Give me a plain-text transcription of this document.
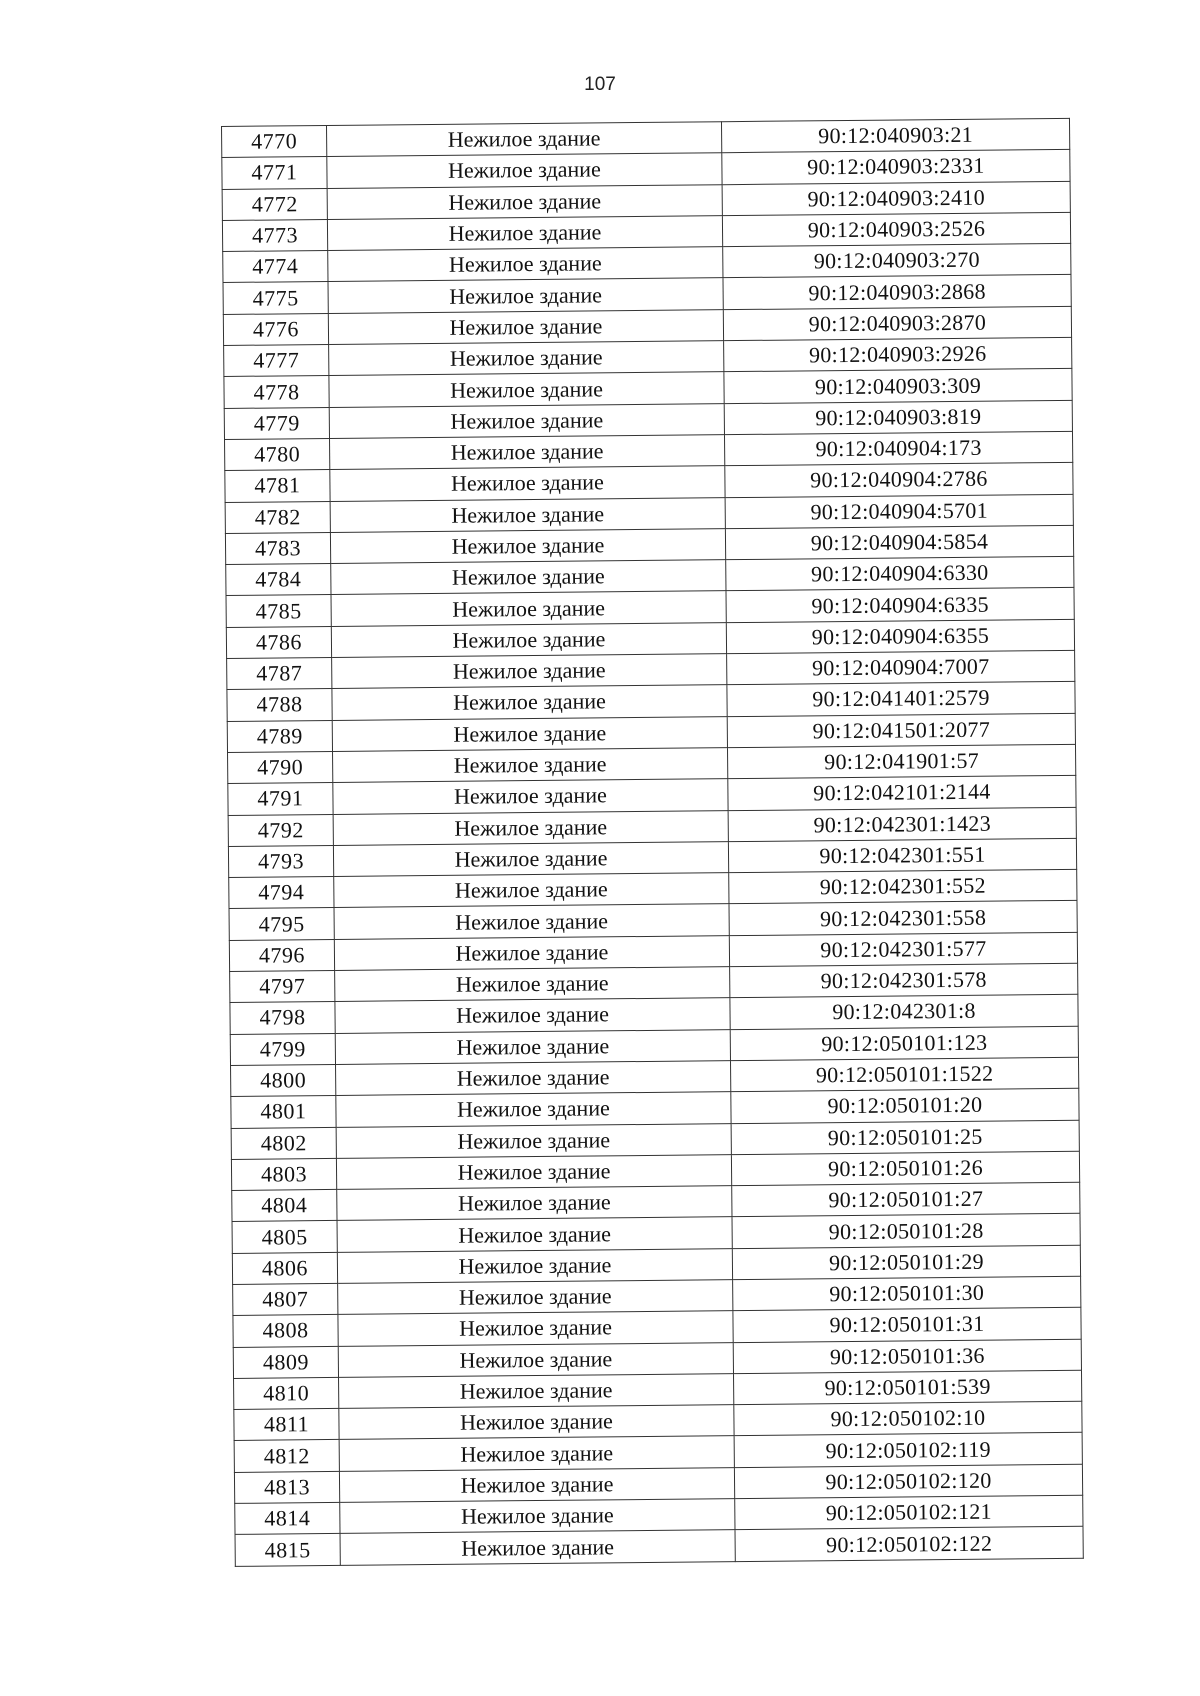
107
4770	Нежилое здание	90:12:040903:21
4771	Нежилое здание	90:12:040903:2331
4772	Нежилое здание	90:12:040903:2410
4773	Нежилое здание	90:12:040903:2526
4774	Нежилое здание	90:12:040903:270
4775	Нежилое здание	90:12:040903:2868
4776	Нежилое здание	90:12:040903:2870
4777	Нежилое здание	90:12:040903:2926
4778	Нежилое здание	90:12:040903:309
4779	Нежилое здание	90:12:040903:819
4780	Нежилое здание	90:12:040904:173
4781	Нежилое здание	90:12:040904:2786
4782	Нежилое здание	90:12:040904:5701
4783	Нежилое здание	90:12:040904:5854
4784	Нежилое здание	90:12:040904:6330
4785	Нежилое здание	90:12:040904:6335
4786	Нежилое здание	90:12:040904:6355
4787	Нежилое здание	90:12:040904:7007
4788	Нежилое здание	90:12:041401:2579
4789	Нежилое здание	90:12:041501:2077
4790	Нежилое здание	90:12:041901:57
4791	Нежилое здание	90:12:042101:2144
4792	Нежилое здание	90:12:042301:1423
4793	Нежилое здание	90:12:042301:551
4794	Нежилое здание	90:12:042301:552
4795	Нежилое здание	90:12:042301:558
4796	Нежилое здание	90:12:042301:577
4797	Нежилое здание	90:12:042301:578
4798	Нежилое здание	90:12:042301:8
4799	Нежилое здание	90:12:050101:123
4800	Нежилое здание	90:12:050101:1522
4801	Нежилое здание	90:12:050101:20
4802	Нежилое здание	90:12:050101:25
4803	Нежилое здание	90:12:050101:26
4804	Нежилое здание	90:12:050101:27
4805	Нежилое здание	90:12:050101:28
4806	Нежилое здание	90:12:050101:29
4807	Нежилое здание	90:12:050101:30
4808	Нежилое здание	90:12:050101:31
4809	Нежилое здание	90:12:050101:36
4810	Нежилое здание	90:12:050101:539
4811	Нежилое здание	90:12:050102:10
4812	Нежилое здание	90:12:050102:119
4813	Нежилое здание	90:12:050102:120
4814	Нежилое здание	90:12:050102:121
4815	Нежилое здание	90:12:050102:122
